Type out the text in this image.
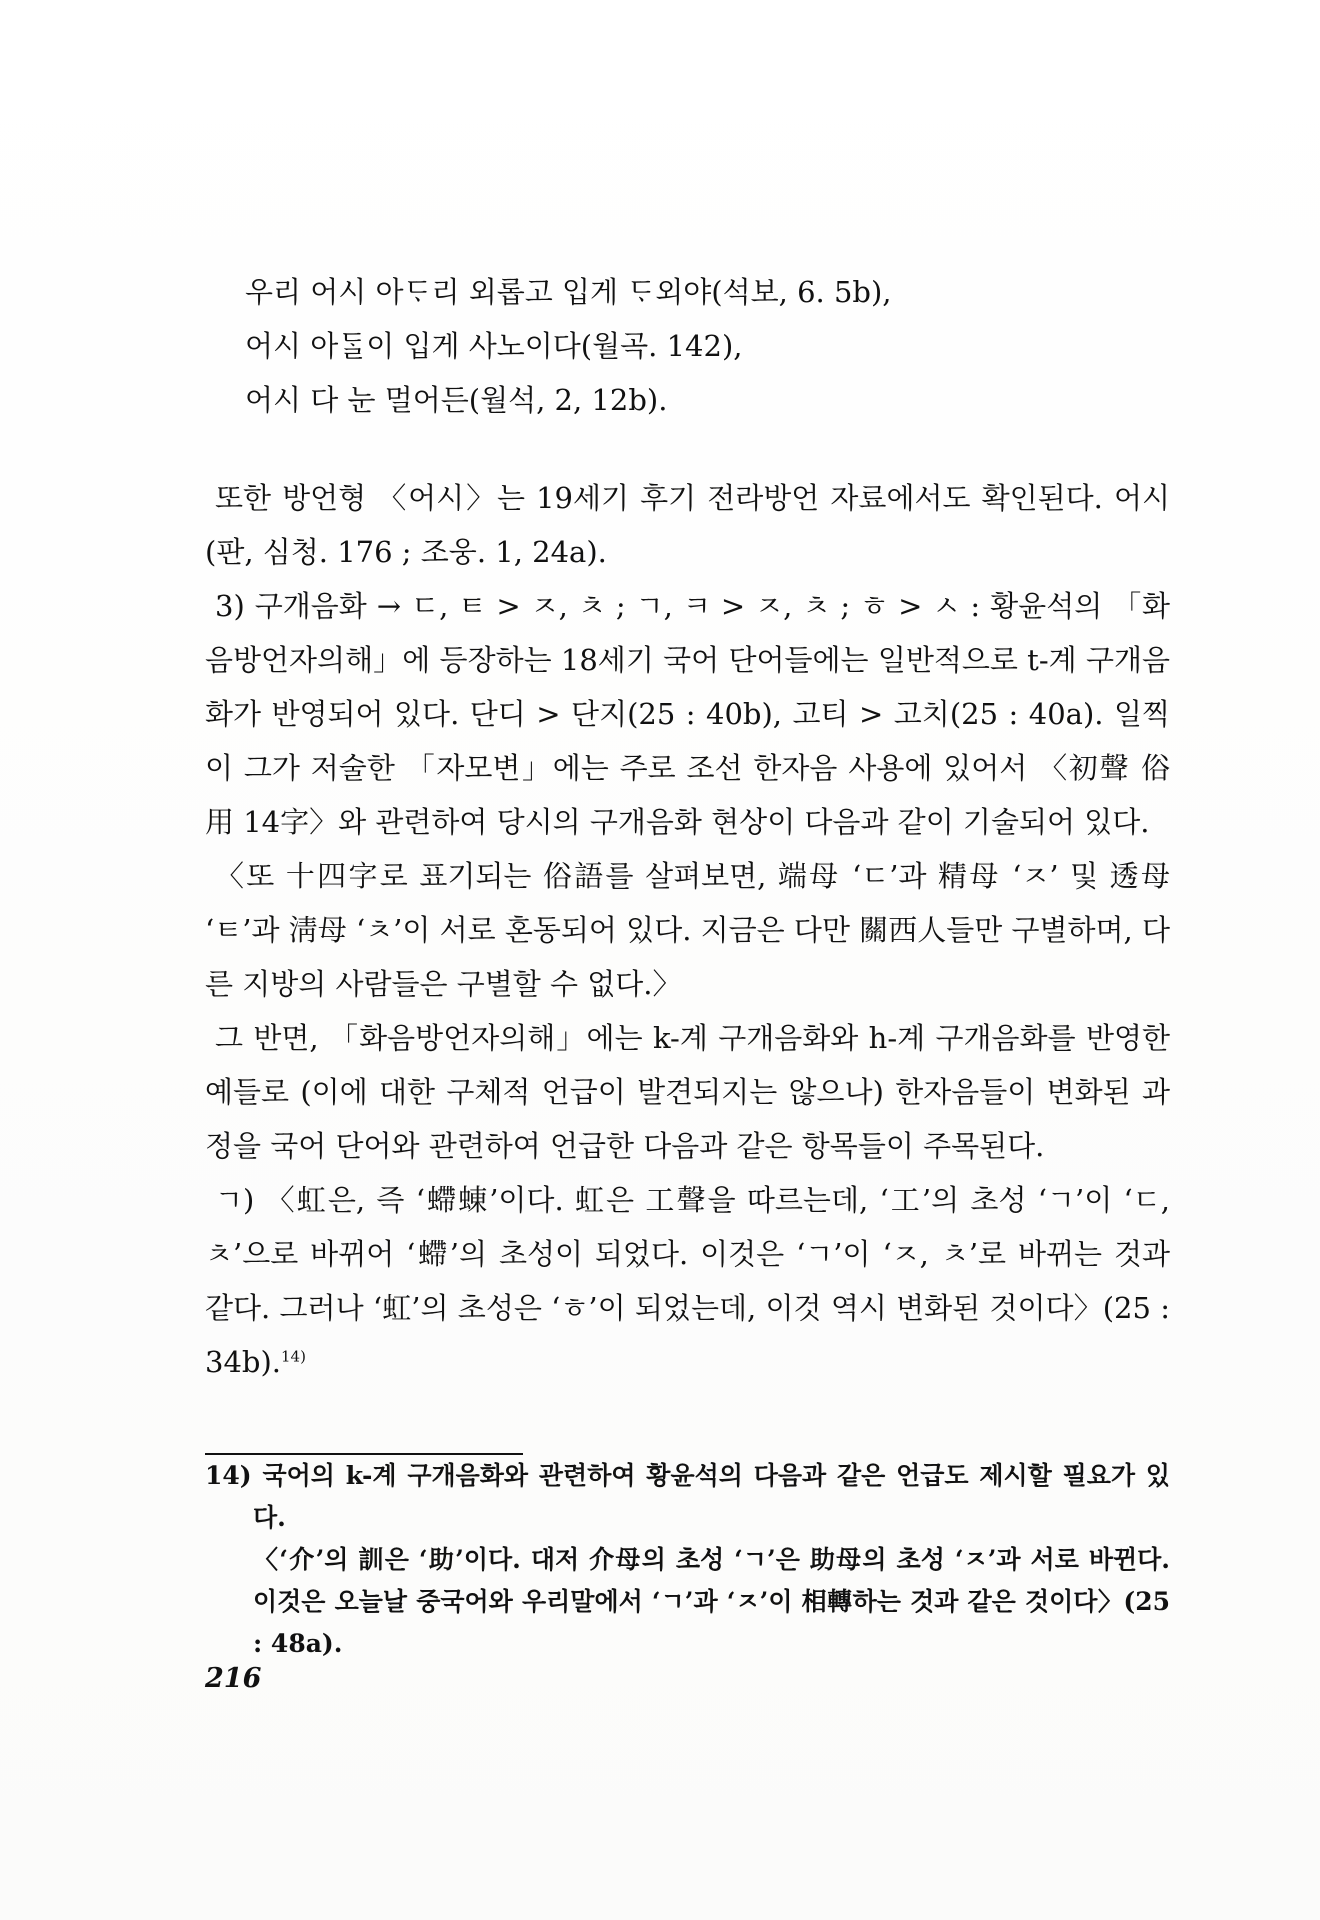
우리 어시 아ᄃᆞ리 외롭고 입게 ᄃᆞ외야(석보, 6. 5b),

어시 아ᄃᆞᆯ이 입게 사노이다(월곡. 142),

어시 다 눈 멀어든(월석, 2, 12b).

또한 방언형 〈어시〉는 19세기 후기 전라방언 자료에서도 확인된다. 어시(판, 심청. 176 ; 조웅. 1, 24a).

3) 구개음화 → ㄷ, ㅌ > ㅈ, ㅊ ; ㄱ, ㅋ > ㅈ, ㅊ ; ㅎ > ㅅ : 황윤석의 「화음방언자의해」에 등장하는 18세기 국어 단어들에는 일반적으로 t-계 구개음화가 반영되어 있다. 단디 > 단지(25 : 40b), 고티 > 고치(25 : 40a). 일찍이 그가 저술한 「자모변」에는 주로 조선 한자음 사용에 있어서 〈初聲 俗用 14字〉와 관련하여 당시의 구개음화 현상이 다음과 같이 기술되어 있다.

〈또 十四字로 표기되는 俗語를 살펴보면, 端母 ‘ㄷ’과 精母 ‘ㅈ’ 및 透母 ‘ㅌ’과 淸母 ‘ㅊ’이 서로 혼동되어 있다. 지금은 다만 關西人들만 구별하며, 다른 지방의 사람들은 구별할 수 없다.〉

그 반면, 「화음방언자의해」에는 k-계 구개음화와 h-계 구개음화를 반영한 예들로 (이에 대한 구체적 언급이 발견되지는 않으나) 한자음들이 변화된 과정을 국어 단어와 관련하여 언급한 다음과 같은 항목들이 주목된다.

ㄱ) 〈虹은, 즉 ‘螮蝀’이다. 虹은 工聲을 따르는데, ‘工’의 초성 ‘ㄱ’이 ‘ㄷ, ㅊ’으로 바뀌어 ‘螮’의 초성이 되었다. 이것은 ‘ㄱ’이 ‘ㅈ, ㅊ’로 바뀌는 것과 같다. 그러나 ‘虹’의 초성은 ‘ㅎ’이 되었는데, 이것 역시 변화된 것이다〉(25 : 34b).$^{14)}$

14) 국어의 k-계 구개음화와 관련하여 황윤석의 다음과 같은 언급도 제시할 필요가 있다.

〈‘介’의 訓은 ‘助’이다. 대저 介母의 초성 ‘ㄱ’은 助母의 초성 ‘ㅈ’과 서로 바뀐다. 이것은 오늘날 중국어와 우리말에서 ‘ㄱ’과 ‘ㅈ’이 相轉하는 것과 같은 것이다〉(25 : 48a).

216
